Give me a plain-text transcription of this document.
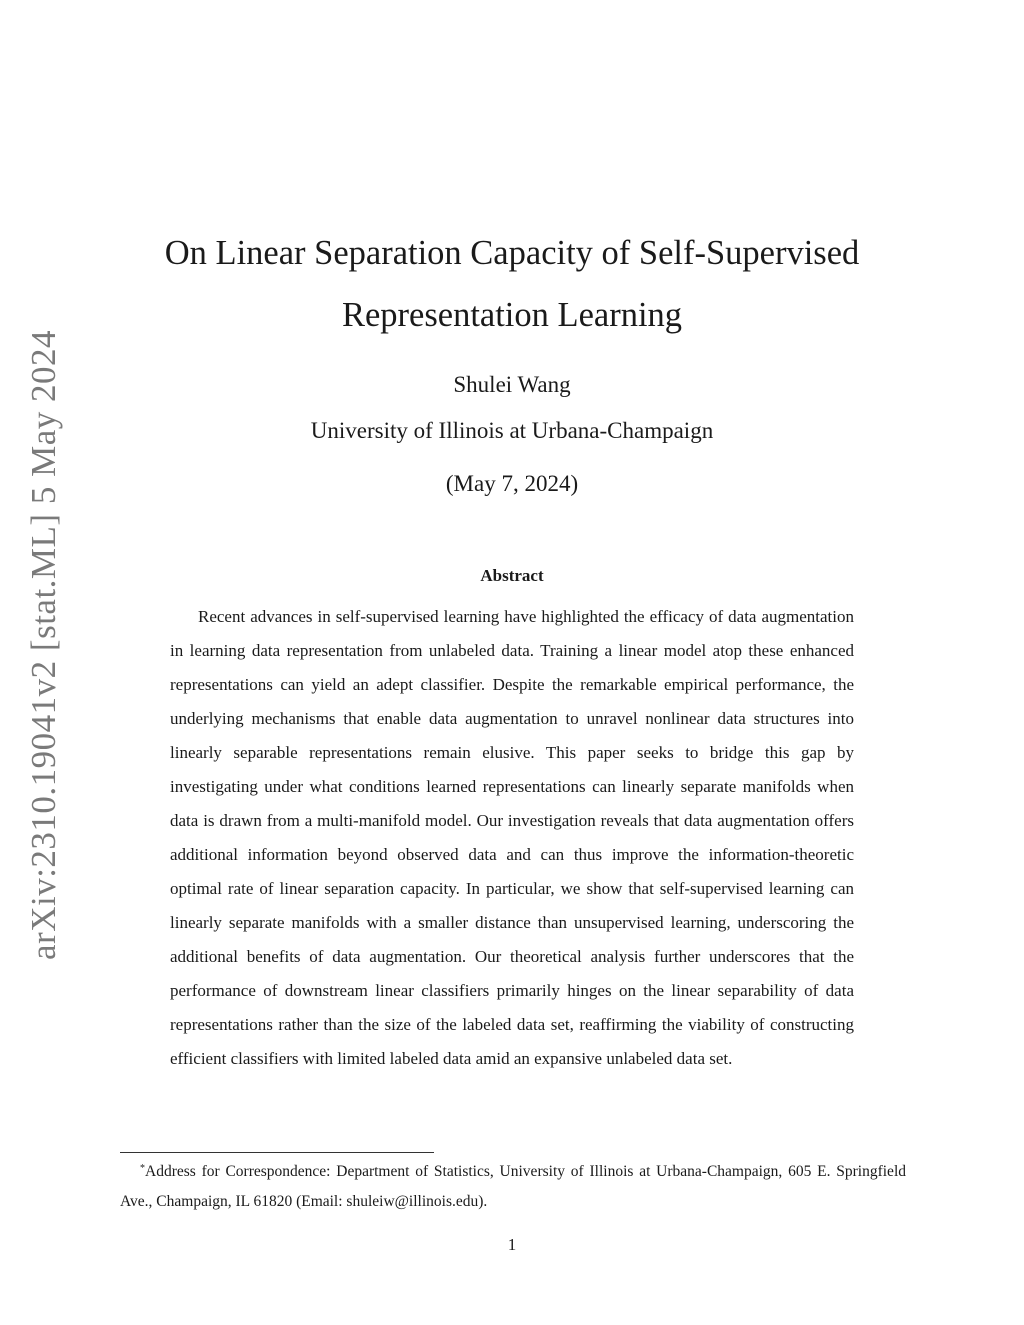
arXiv:2310.19041v2 [stat.ML] 5 May 2024
On Linear Separation Capacity of Self-Supervised
Representation Learning
Shulei Wang
University of Illinois at Urbana-Champaign
(May 7, 2024)
Abstract

Recent advances in self-supervised learning have highlighted the efficacy of data augmentation in learning data representation from unlabeled data. Training a linear model atop these enhanced representations can yield an adept classifier. Despite the remarkable empirical performance, the underlying mechanisms that enable data augmentation to unravel nonlinear data structures into linearly separable representations remain elusive. This paper seeks to bridge this gap by investigating under what conditions learned representations can linearly separate manifolds when data is drawn from a multi-manifold model. Our investigation reveals that data augmentation offers additional information beyond observed data and can thus improve the information-theoretic optimal rate of linear separation capacity. In particular, we show that self-supervised learning can linearly separate manifolds with a smaller distance than unsupervised learning, underscoring the additional benefits of data augmentation. Our theoretical analysis further underscores that the performance of downstream linear classifiers primarily hinges on the linear separability of data representations rather than the size of the labeled data set, reaffirming the viability of constructing efficient classifiers with limited labeled data amid an expansive unlabeled data set.

*Address for Correspondence: Department of Statistics, University of Illinois at Urbana-Champaign, 605 E. Springfield Ave., Champaign, IL 61820 (Email: shuleiw@illinois.edu).

1
